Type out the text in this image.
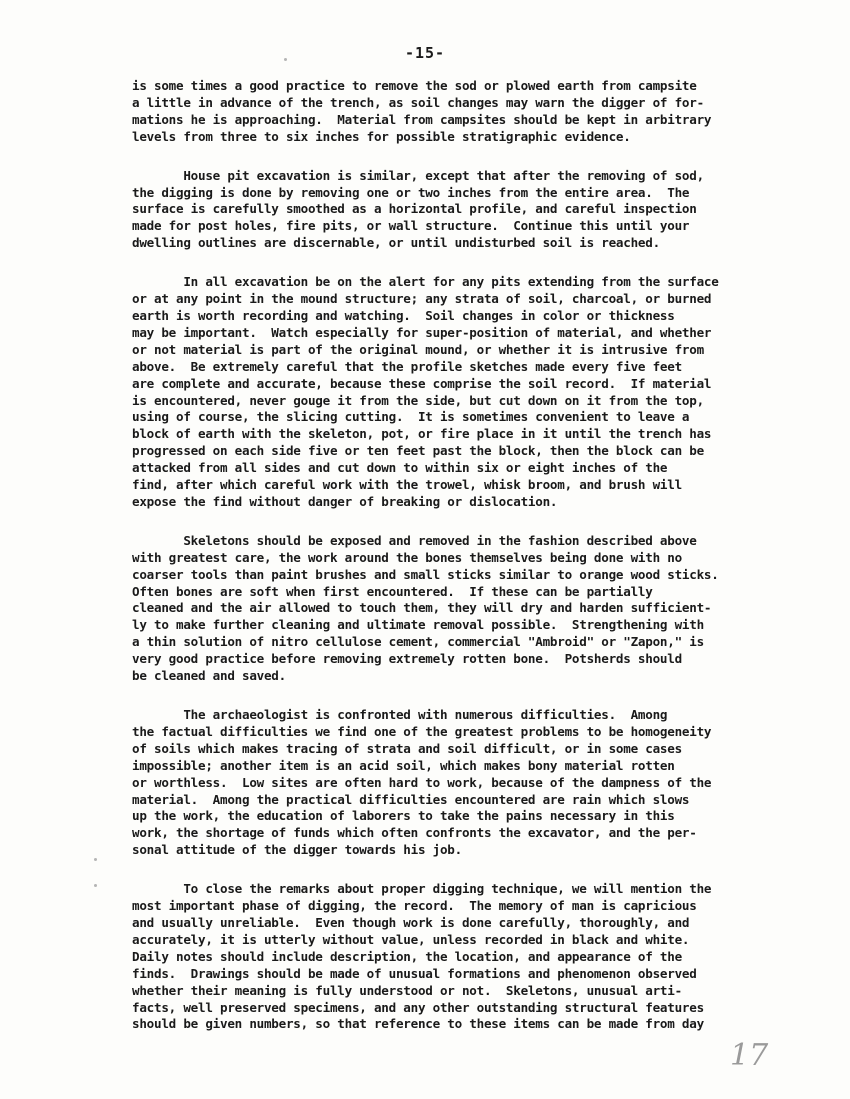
-15-
is some times a good practice to remove the sod or plowed earth from campsite
a little in advance of the trench, as soil changes may warn the digger of for-
mations he is approaching.  Material from campsites should be kept in arbitrary
levels from three to six inches for possible stratigraphic evidence.
House pit excavation is similar, except that after the removing of sod,
the digging is done by removing one or two inches from the entire area.  The
surface is carefully smoothed as a horizontal profile, and careful inspection
made for post holes, fire pits, or wall structure.  Continue this until your
dwelling outlines are discernable, or until undisturbed soil is reached.
In all excavation be on the alert for any pits extending from the surface
or at any point in the mound structure; any strata of soil, charcoal, or burned
earth is worth recording and watching.  Soil changes in color or thickness
may be important.  Watch especially for super-position of material, and whether
or not material is part of the original mound, or whether it is intrusive from
above.  Be extremely careful that the profile sketches made every five feet
are complete and accurate, because these comprise the soil record.  If material
is encountered, never gouge it from the side, but cut down on it from the top,
using of course, the slicing cutting.  It is sometimes convenient to leave a
block of earth with the skeleton, pot, or fire place in it until the trench has
progressed on each side five or ten feet past the block, then the block can be
attacked from all sides and cut down to within six or eight inches of the
find, after which careful work with the trowel, whisk broom, and brush will
expose the find without danger of breaking or dislocation.
Skeletons should be exposed and removed in the fashion described above
with greatest care, the work around the bones themselves being done with no
coarser tools than paint brushes and small sticks similar to orange wood sticks.
Often bones are soft when first encountered.  If these can be partially
cleaned and the air allowed to touch them, they will dry and harden sufficient-
ly to make further cleaning and ultimate removal possible.  Strengthening with
a thin solution of nitro cellulose cement, commercial "Ambroid" or "Zapon," is
very good practice before removing extremely rotten bone.  Potsherds should
be cleaned and saved.
The archaeologist is confronted with numerous difficulties.  Among
the factual difficulties we find one of the greatest problems to be homogeneity
of soils which makes tracing of strata and soil difficult, or in some cases
impossible; another item is an acid soil, which makes bony material rotten
or worthless.  Low sites are often hard to work, because of the dampness of the
material.  Among the practical difficulties encountered are rain which slows
up the work, the education of laborers to take the pains necessary in this
work, the shortage of funds which often confronts the excavator, and the per-
sonal attitude of the digger towards his job.
To close the remarks about proper digging technique, we will mention the
most important phase of digging, the record.  The memory of man is capricious
and usually unreliable.  Even though work is done carefully, thoroughly, and
accurately, it is utterly without value, unless recorded in black and white.
Daily notes should include description, the location, and appearance of the
finds.  Drawings should be made of unusual formations and phenomenon observed
whether their meaning is fully understood or not.  Skeletons, unusual arti-
facts, well preserved specimens, and any other outstanding structural features
should be given numbers, so that reference to these items can be made from day
17
